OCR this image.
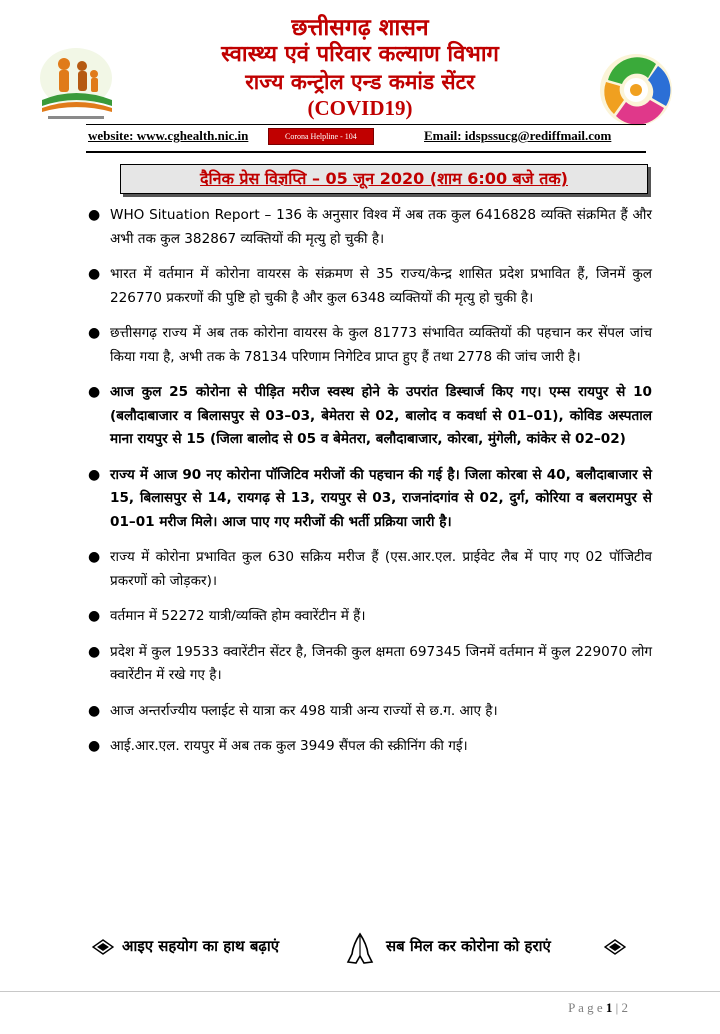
छत्तीसगढ़ शासन
स्वास्थ्य एवं परिवार कल्याण विभाग
राज्य कन्ट्रोल एन्ड कमांड सेंटर
(COVID19)
website: www.cghealth.nic.in	Corona Helpline - 104	Email: idspssucg@rediffmail.com
दैनिक प्रेस विज्ञप्ति – 05 जून 2020 (शाम 6:00 बजे तक)
● WHO Situation Report – 136 के अनुसार विश्व में अब तक कुल 6416828 व्यक्ति संक्रमित हैं और अभी तक कुल 382867 व्यक्तियों की मृत्यु हो चुकी है।
● भारत में वर्तमान में कोरोना वायरस के संक्रमण से 35 राज्य/केन्द्र शासित प्रदेश प्रभावित हैं, जिनमें कुल 226770 प्रकरणों की पुष्टि हो चुकी है और कुल 6348 व्यक्तियों की मृत्यु हो चुकी है।
● छत्तीसगढ़ राज्य में अब तक कोरोना वायरस के कुल 81773 संभावित व्यक्तियों की पहचान कर सेंपल जांच किया गया है, अभी तक के 78134 परिणाम निगेटिव प्राप्त हुए हैं तथा 2778 की जांच जारी है।
● आज कुल 25 कोरोना से पीड़ित मरीज स्वस्थ होने के उपरांत डिस्चार्ज किए गए। एम्स रायपुर से 10 (बलौदाबाजार व बिलासपुर से 03–03, बेमेतरा से 02, बालोद व कवर्धा से 01–01), कोविड अस्पताल माना रायपुर से 15 (जिला बालोद से 05 व बेमेतरा, बलौदाबाजार, कोरबा, मुंगेली, कांकेर से 02–02)
● राज्य में आज 90 नए कोरोना पॉजिटिव मरीजों की पहचान की गई है। जिला कोरबा से 40, बलौदाबाजार से 15, बिलासपुर से 14, रायगढ़ से 13, रायपुर से 03, राजनांदगांव से 02, दुर्ग, कोरिया व बलरामपुर से 01–01 मरीज मिले। आज पाए गए मरीजों की भर्ती प्रक्रिया जारी है।
● राज्य में कोरोना प्रभावित कुल 630 सक्रिय मरीज हैं (एस.आर.एल. प्राईवेट लैब में पाए गए 02 पॉजिटीव प्रकरणों को जोड़कर)।
● वर्तमान में 52272 यात्री/व्यक्ति होम क्वारेंटीन में हैं।
● प्रदेश में कुल 19533 क्वारेंटीन सेंटर है, जिनकी कुल क्षमता 697345 जिनमें वर्तमान में कुल 229070 लोग क्वारेंटीन में रखे गए है।
● आज अन्तर्राज्यीय फ्लाईट से यात्रा कर 498 यात्री अन्य राज्यों से छ.ग. आए है।
● आई.आर.एल. रायपुर में अब तक कुल 3949 सैंपल की स्क्रीनिंग की गई।
आइए सहयोग का हाथ बढ़ाएं	सब मिल कर कोरोना को हराएं
P a g e 1 | 2
